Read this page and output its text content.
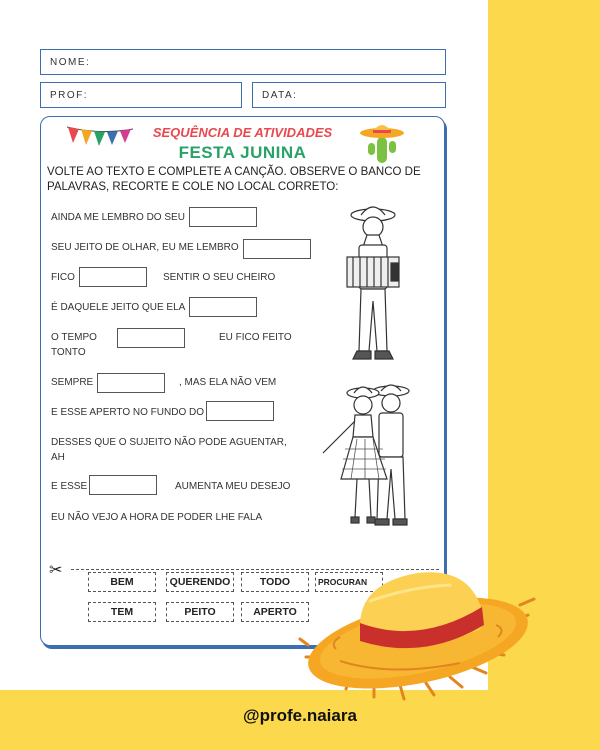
NOME:
PROF:	DATA:
SEQUÊNCIA DE ATIVIDADES
FESTA JUNINA
VOLTE AO TEXTO E COMPLETE A CANÇÃO. OBSERVE O BANCO DE PALAVRAS, RECORTE E COLE NO LOCAL CORRETO:
AINDA ME LEMBRO DO SEU
SEU JEITO DE OLHAR, EU ME LEMBRO
FICO	SENTIR O SEU CHEIRO
É DAQUELE JEITO QUE ELA
O TEMPO	EU FICO FEITO
TONTO
SEMPRE	, MAS ELA NÃO VEM
E ESSE APERTO NO FUNDO DO
DESSES QUE O SUJEITO NÃO PODE AGUENTAR,
AH
E ESSE	AUMENTA MEU DESEJO
EU NÃO VEJO A HORA DE PODER LHE FALA
✂
BEM	QUERENDO	TODO	PROCURAN
TEM	PEITO	APERTO
@profe.naiara
